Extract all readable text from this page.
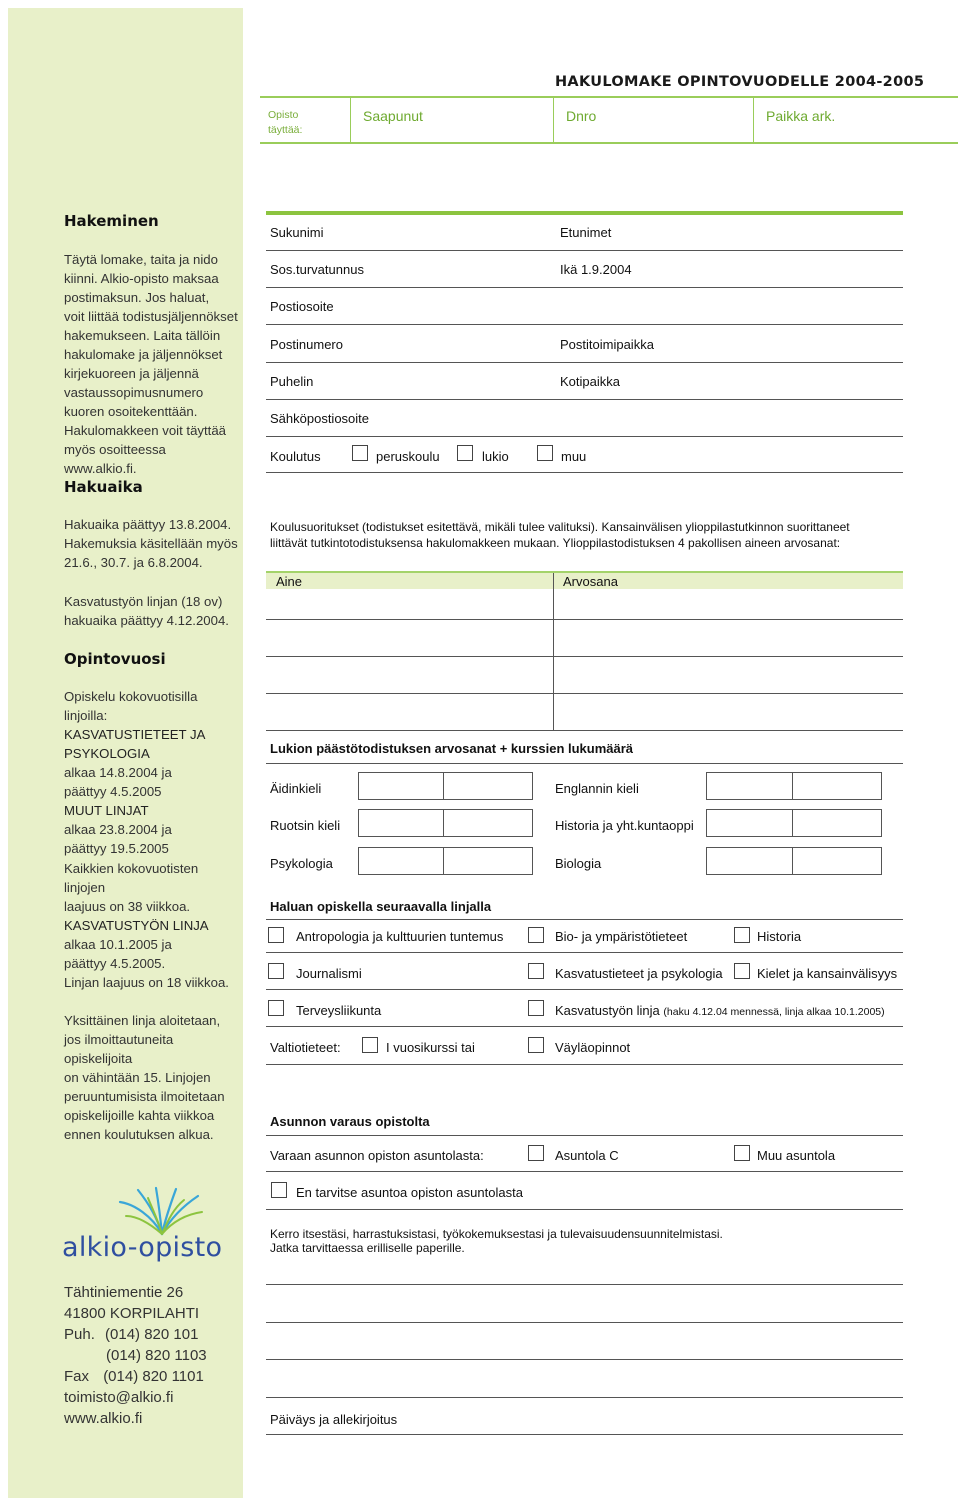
HAKULOMAKE OPINTOVUODELLE 2004-2005
Opisto
täyttää:
Saapunut	Dnro	Paikka ark.
Hakeminen
Täytä lomake, taita ja nido
kiinni. Alkio-opisto maksaa
postimaksun. Jos haluat,
voit liittää todistusjäljennökset
hakemukseen. Laita tällöin
hakulomake ja jäljennökset
kirjekuoreen ja jäljennä
vastaussopimusnumero
kuoren osoitekenttään.
Hakulomakkeen voit täyttää
myös osoitteessa www.alkio.fi.
Hakuaika
Hakuaika päättyy 13.8.2004.
Hakemuksia käsitellään myös
21.6., 30.7. ja 6.8.2004.
Kasvatustyön linjan (18 ov)
hakuaika päättyy 4.12.2004.
Opintovuosi
Opiskelu kokovuotisilla linjoilla:
KASVATUSTIETEET JA
PSYKOLOGIA
alkaa 14.8.2004 ja
päättyy 4.5.2005
MUUT LINJAT
alkaa 23.8.2004 ja
päättyy 19.5.2005
Kaikkien kokovuotisten linjojen
laajuus on 38 viikkoa.
KASVATUSTYÖN LINJA
alkaa 10.1.2005 ja
päättyy 4.5.2005.
Linjan laajuus on 18 viikkoa.
Yksittäinen linja aloitetaan,
jos ilmoittautuneita opiskelijoita
on vähintään 15. Linjojen
peruuntumisista ilmoitetaan
opiskelijoille kahta viikkoa
ennen koulutuksen alkua.
alkio-opisto
Tähtiniementie 26
41800 KORPILAHTI
Puh. (014) 820 101
(014) 820 1103
Fax (014) 820 1101
toimisto@alkio.fi
www.alkio.fi
Sukunimi	Etunimet
Sos.turvatunnus	Ikä 1.9.2004
Postiosoite
Postinumero	Postitoimipaikka
Puhelin	Kotipaikka
Sähköpostiosoite
Koulutus	peruskoulu	lukio	muu
Koulusuoritukset (todistukset esitettävä, mikäli tulee valituksi). Kansainvälisen ylioppilastutkinnon suorittaneet
liittävät tutkintotodistuksensa hakulomakkeen mukaan. Ylioppilastodistuksen 4 pakollisen aineen arvosanat:
Aine	Arvosana
Lukion päästötodistuksen arvosanat + kurssien lukumäärä
Äidinkieli	Englannin kieli
Ruotsin kieli	Historia ja yht.kuntaoppi
Psykologia	Biologia
Haluan opiskella seuraavalla linjalla
Antropologia ja kulttuurien tuntemus	Bio- ja ympäristötieteet	Historia
Journalismi	Kasvatustieteet ja psykologia	Kielet ja kansainvälisyys
Terveysliikunta	Kasvatustyön linja (haku 4.12.04 mennessä, linja alkaa 10.1.2005)
Valtiotieteet:	I vuosikurssi tai	Väyläopinnot
Asunnon varaus opistolta
Varaan asunnon opiston asuntolasta:	Asuntola C	Muu asuntola
En tarvitse asuntoa opiston asuntolasta
Kerro itsestäsi, harrastuksistasi, työkokemuksestasi ja tulevaisuudensuunnitelmistasi.
Jatka tarvittaessa erilliselle paperille.
Päiväys ja allekirjoitus
